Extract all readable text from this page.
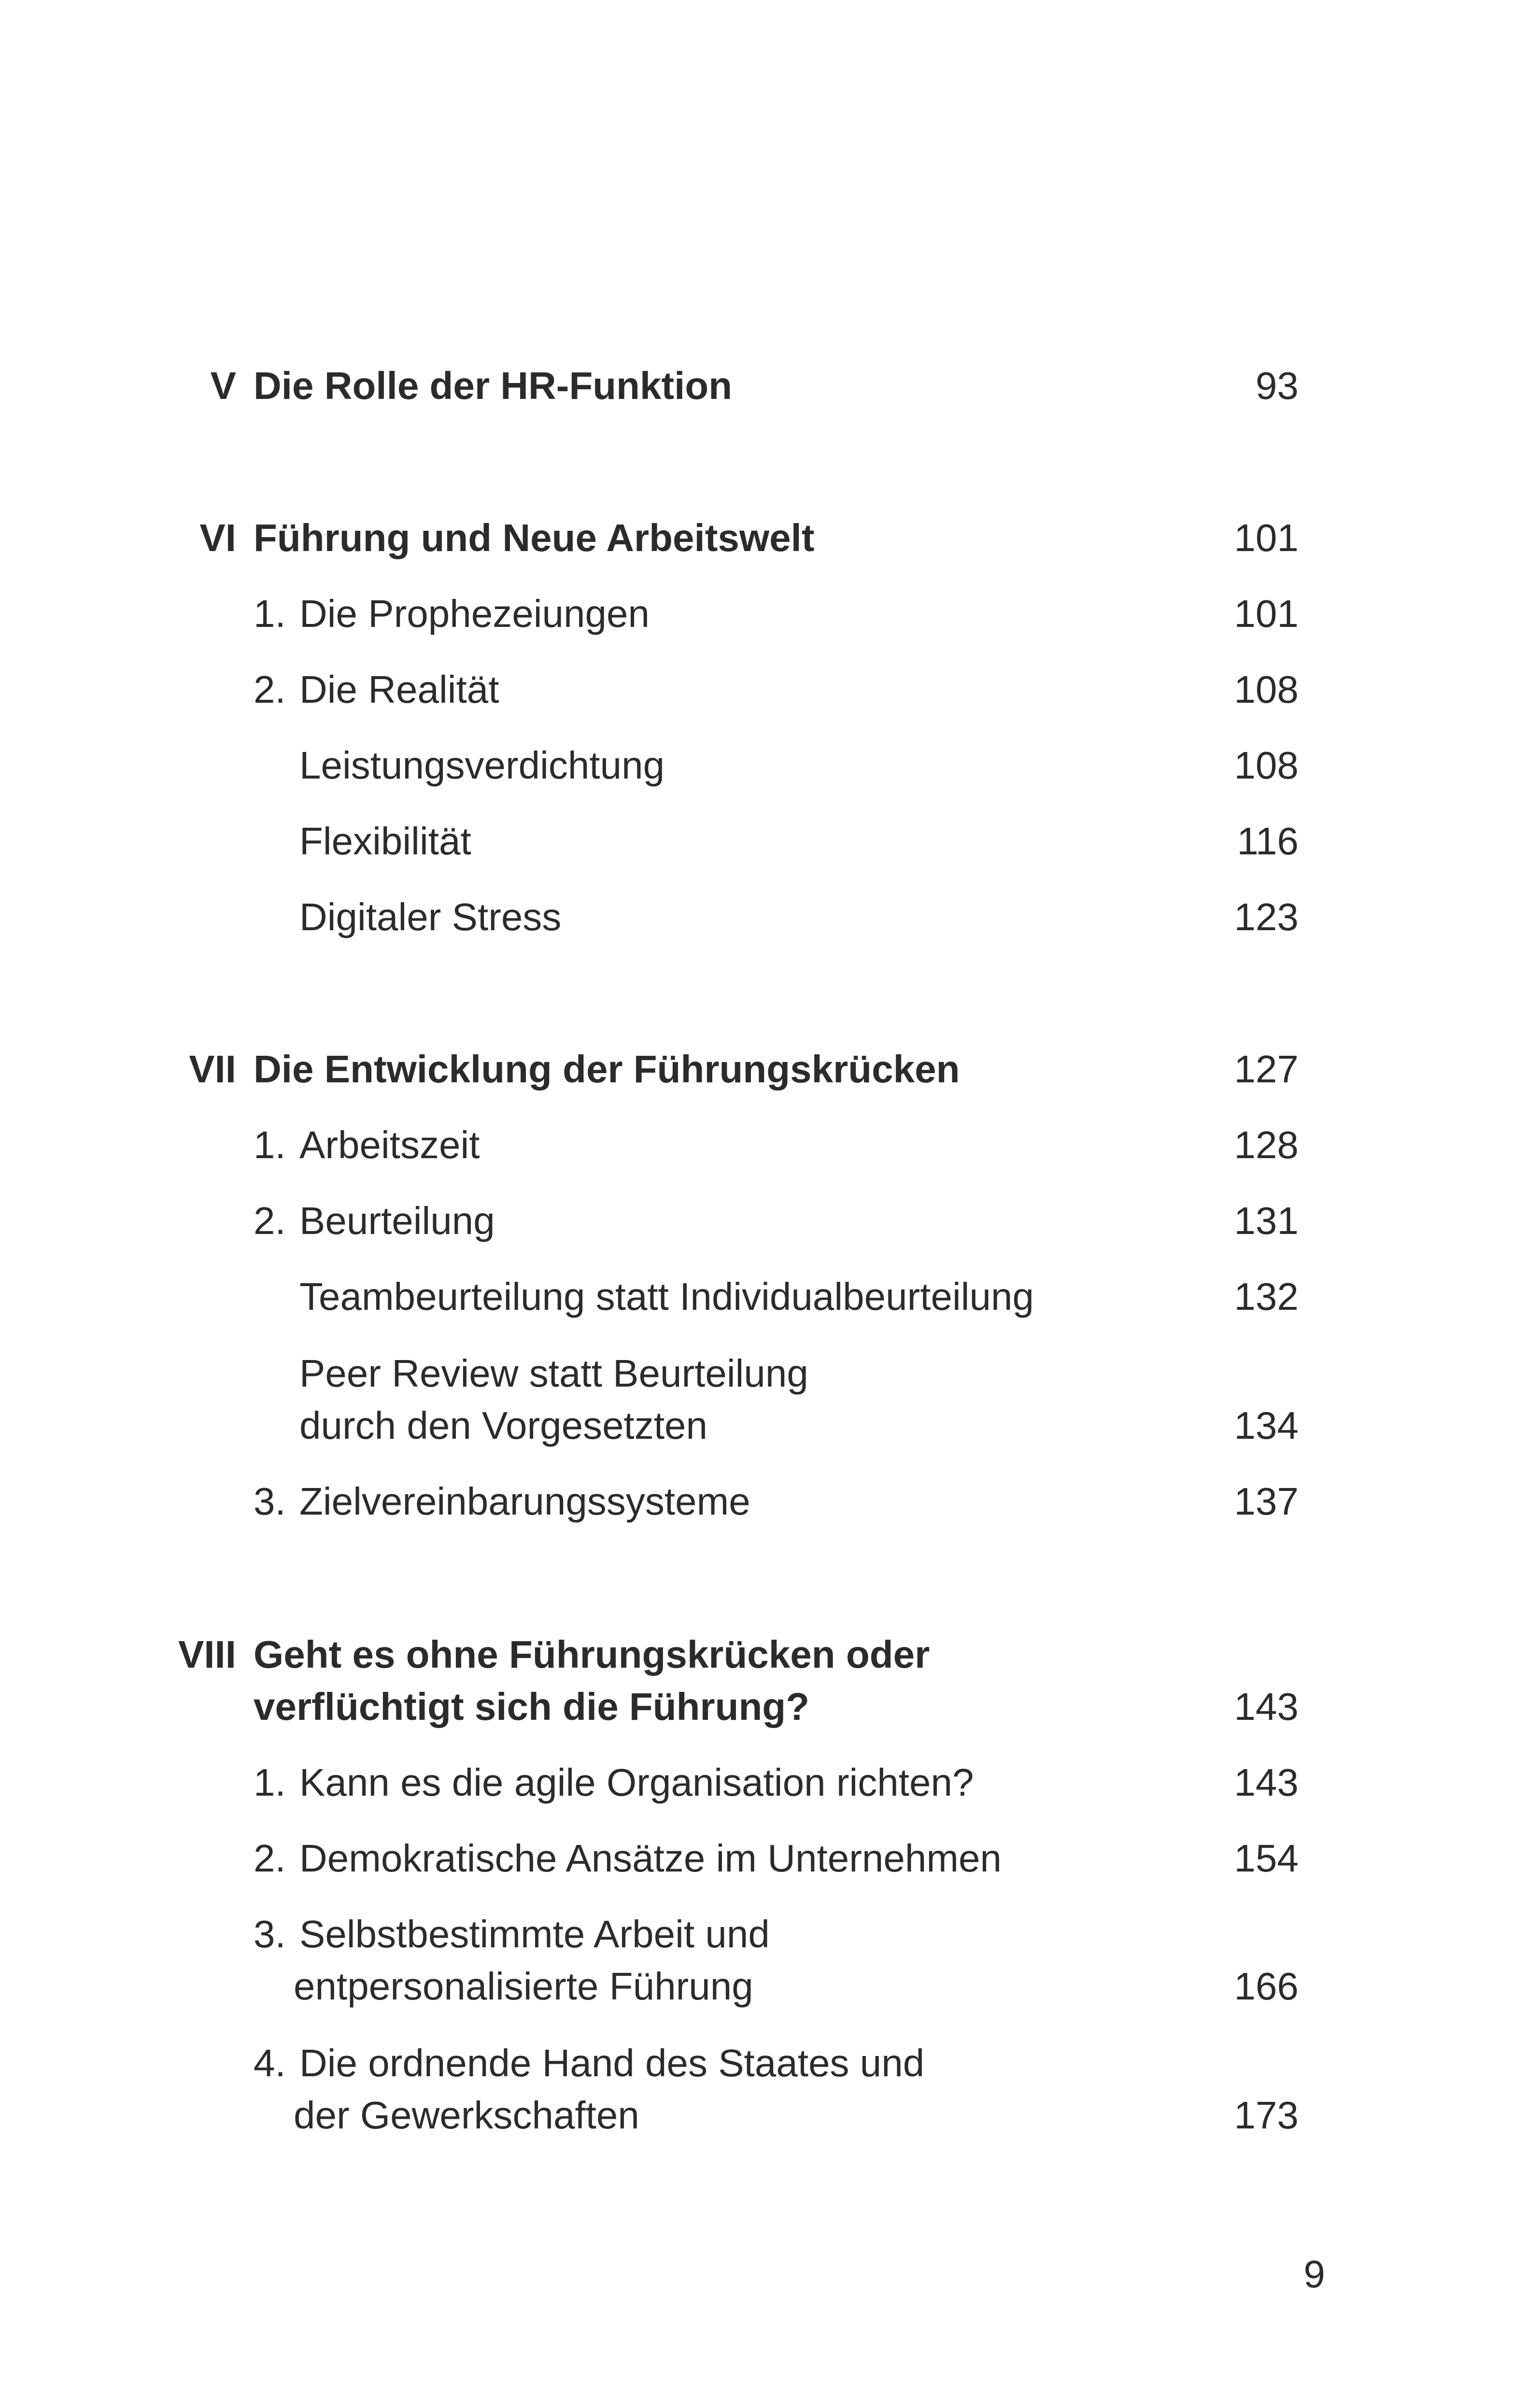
V Die Rolle der HR-Funktion	93
VI Führung und Neue Arbeitswelt	101
1. Die Prophezeiungen	101
2. Die Realität	108
Leistungsverdichtung	108
Flexibilität	116
Digitaler Stress	123
VII Die Entwicklung der Führungskrücken	127
1. Arbeitszeit	128
2. Beurteilung	131
Teambeurteilung statt Individualbeurteilung	132
Peer Review statt Beurteilung
durch den Vorgesetzten	134
3. Zielvereinbarungssysteme	137
VIII Geht es ohne Führungskrücken oder
verflüchtigt sich die Führung?	143
1. Kann es die agile Organisation richten?	143
2. Demokratische Ansätze im Unternehmen	154
3. Selbstbestimmte Arbeit und
entpersonalisierte Führung	166
4. Die ordnende Hand des Staates und
der Gewerkschaften	173
9
